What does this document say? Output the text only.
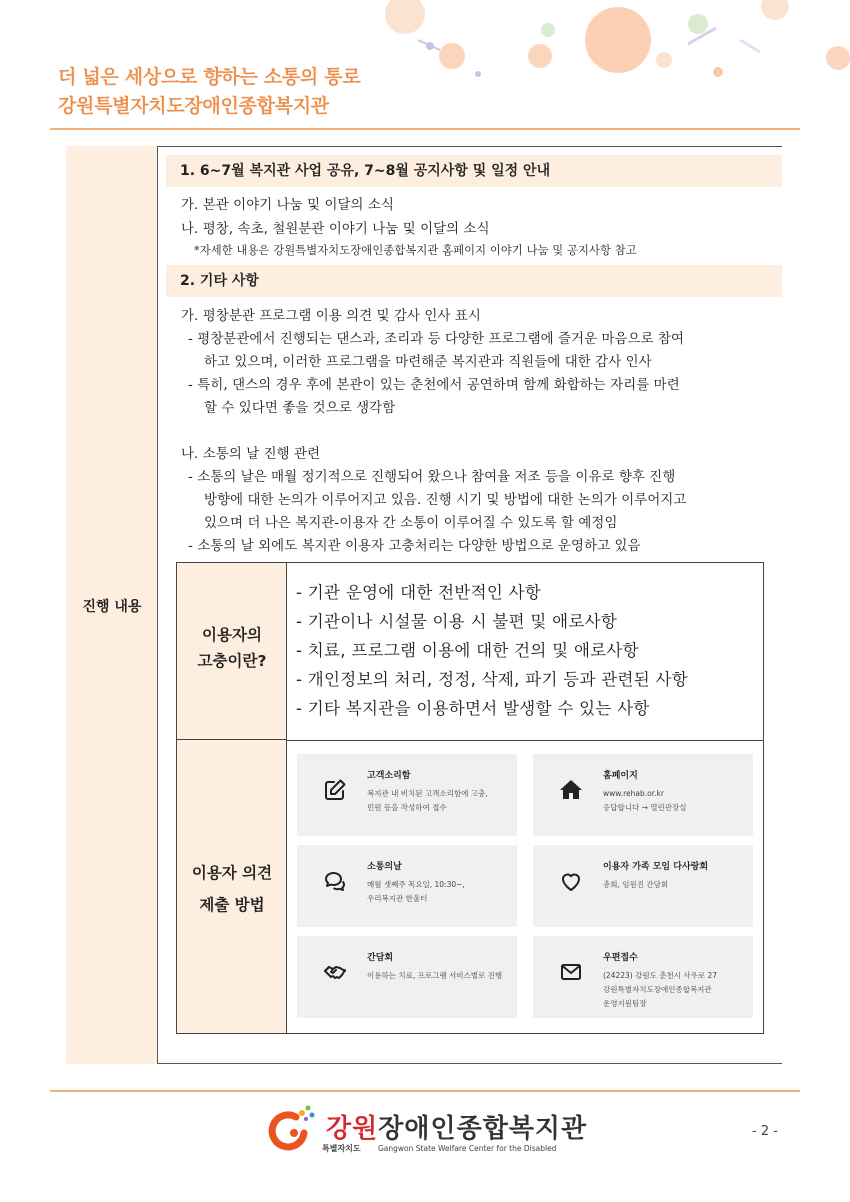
더 넓은 세상으로 향하는 소통의 통로
강원특별자치도장애인종합복지관
진행 내용
1. 6~7월 복지관 사업 공유, 7~8월 공지사항 및 일정 안내
가. 본관 이야기 나눔 및 이달의 소식
나. 평창, 속초, 철원분관 이야기 나눔 및 이달의 소식
*자세한 내용은 강원특별자치도장애인종합복지관 홈페이지 이야기 나눔 및 공지사항 참고
2. 기타 사항
가. 평창분관 프로그램 이용 의견 및 감사 인사 표시
- 평창분관에서 진행되는 댄스과, 조리과 등 다양한 프로그램에 즐거운 마음으로 참여
하고 있으며, 이러한 프로그램을 마련해준 복지관과 직원들에 대한 감사 인사
- 특히, 댄스의 경우 후에 본관이 있는 춘천에서 공연하며 함께 화합하는 자리를 마련
할 수 있다면 좋을 것으로 생각함
나. 소통의 날 진행 관련
- 소통의 날은 매월 정기적으로 진행되어 왔으나 참여율 저조 등을 이유로 향후 진행
방향에 대한 논의가 이루어지고 있음. 진행 시기 및 방법에 대한 논의가 이루어지고
있으며 더 나은 복지관-이용자 간 소통이 이루어질 수 있도록 할 예정임
- 소통의 날 외에도 복지관 이용자 고충처리는 다양한 방법으로 운영하고 있음
이용자의
고충이란?
이용자 의견
제출 방법
- 기관 운영에 대한 전반적인 사항
- 기관이나 시설물 이용 시 불편 및 애로사항
- 치료, 프로그램 이용에 대한 건의 및 애로사항
- 개인정보의 처리, 정정, 삭제, 파기 등과 관련된 사항
- 기타 복지관을 이용하면서 발생할 수 있는 사항
고객소리함
복지관 내 비치된 고객소리함에 고충,
민원 등을 작성하여 접수
홈페이지
www.rehab.or.kr
응답합니다 → 열린관장실
소통의날
매월 셋째주 목요일, 10:30~,
우리복지관 한울터
이용자 가족 모임 다사랑회
총회, 임원진 간담회
간담회
이용하는 치료, 프로그램 서비스별로 진행
우편접수
(24223) 강원도 춘천시 사우로 27
강원특별자치도장애인종합복지관
운영지원팀장
강원장애인종합복지관
특별자치도 Gangwon State Welfare Center for the Disabled
- 2 -
